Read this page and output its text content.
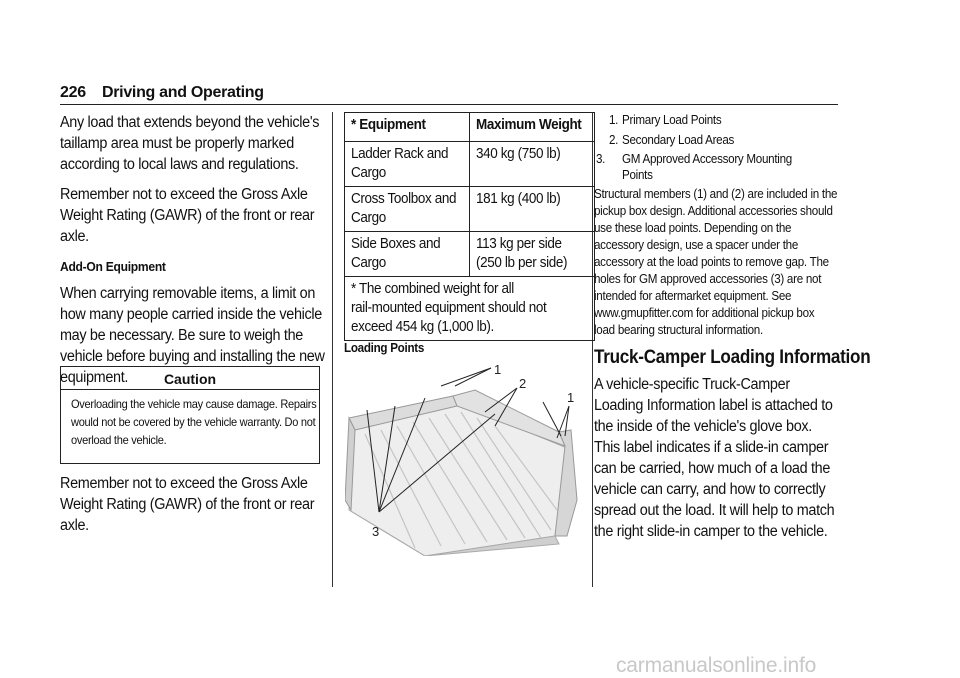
226 Driving and Operating

Any load that extends beyond the vehicle's taillamp area must be properly marked according to local laws and regulations.

Remember not to exceed the Gross Axle Weight Rating (GAWR) of the front or rear axle.

Add-On Equipment

When carrying removable items, a limit on how many people carried inside the vehicle may be necessary. Be sure to weigh the vehicle before buying and installing the new equipment.	Caution
Overloading the vehicle may cause damage. Repairs would not be covered by the vehicle warranty. Do not overload the vehicle.

Remember not to exceed the Gross Axle Weight Rating (GAWR) of the front or rear axle.

* Equipment	Maximum Weight
Ladder Rack and
Cargo	340 kg (750 lb)
Cross Toolbox and
Cargo	181 kg (400 lb)
Side Boxes and
Cargo	113 kg per side
(250 lb per side)
* The combined weight for all
rail-mounted equipment should not
exceed 454 kg (1,000 lb).	
Loading Points
1
2
1
3
1. Primary Load Points
2. Secondary Load Areas
3. GM Approved Accessory Mounting Points

Structural members (1) and (2) are included in the pickup box design. Additional accessories should use these load points. Depending on the accessory design, use a spacer under the accessory at the load points to remove gap. The holes for GM approved accessories (3) are not intended for aftermarket equipment. See www.gmupfitter.com for additional pickup box load bearing structural information.

Truck-Camper Loading Information

A vehicle-specific Truck-Camper Loading Information label is attached to the inside of the vehicle's glove box. This label indicates if a slide-in camper can be carried, how much of a load the vehicle can carry, and how to correctly spread out the load. It will help to match the right slide-in camper to the vehicle.

carmanualsonline.info
